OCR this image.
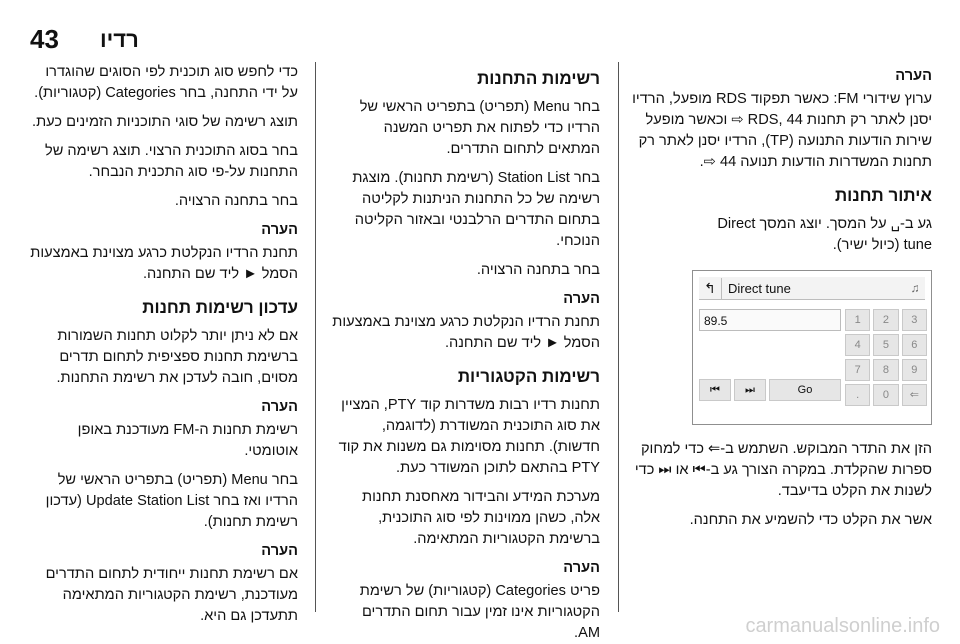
43 רדיו
הערה

ערוץ שידורי FM: כאשר תפקוד RDS מופעל, הרדיו יסנן לאתר רק תחנות RDS, 44 ⇨ וכאשר מופעל שירות הודעות התנועה (TP), הרדיו יסנן לאתר רק תחנות המשדרות הודעות תנועה 44 ⇨.

איתור תחנות

גע ב-␣ על המסך. יוצג המסך Direct
tune (כיול ישיר).

↰ Direct tune	♫
89.5	1	2	3
4	5	6
7	8	9
.	0	⇐
⏮	⏭	Go

הזן את התדר המבוקש. השתמש ב-⇐ כדי למחוק ספרות שהקלדת. במקרה הצורך גע ב-⏮ או ⏭ כדי לשנות את הקלט בדיעבד.

אשר את הקלט כדי להשמיע את התחנה.

רשימות התחנות

בחר Menu (תפריט) בתפריט הראשי של הרדיו כדי לפתוח את תפריט המשנה המתאים לתחום התדרים.

בחר Station List (רשימת תחנות). מוצגת רשימה של כל התחנות הניתנות לקליטה בתחום התדרים הרלבנטי ובאזור הקליטה הנוכחי.

בחר בתחנה הרצויה.

הערה

תחנת הרדיו הנקלטת כרגע מצוינת באמצעות הסמל ► ליד שם התחנה.

רשימות הקטגוריות

תחנות רדיו רבות משדרות קוד PTY, המציין את סוג התוכנית המשודרת (לדוגמה, חדשות). תחנות מסוימות גם משנות את קוד PTY בהתאם לתוכן המשודר כעת.

מערכת המידע והבידור מאחסנת תחנות אלה, כשהן ממוינות לפי סוג התוכנית, ברשימת הקטגוריות המתאימה.

הערה

פריט Categories (קטגוריות) של רשימת הקטגוריות אינו זמין עבור תחום התדרים AM.

כדי לחפש סוג תוכנית לפי הסוגים שהוגדרו על ידי התחנה, בחר Categories (קטגוריות).

תוצג רשימה של סוגי התוכניות הזמינים כעת.

בחר בסוג התוכנית הרצוי. תוצג רשימה של התחנות על-פי סוג התכנית הנבחר.

בחר בתחנה הרצויה.

הערה

תחנת הרדיו הנקלטת כרגע מצוינת באמצעות הסמל ► ליד שם התחנה.

עדכון רשימות תחנות

אם לא ניתן יותר לקלוט תחנות השמורות ברשימת תחנות ספציפית לתחום תדרים מסוים, חובה לעדכן את רשימת התחנות.

הערה

רשימת תחנות ה-FM מעודכנת באופן אוטומטי.

בחר Menu (תפריט) בתפריט הראשי של הרדיו ואז בחר Update Station List (עדכון רשימת תחנות).

הערה

אם רשימת תחנות ייחודית לתחום התדרים מעודכנת, רשימת הקטגוריות המתאימה תתעדכן גם היא.	carmanualsonline.info
